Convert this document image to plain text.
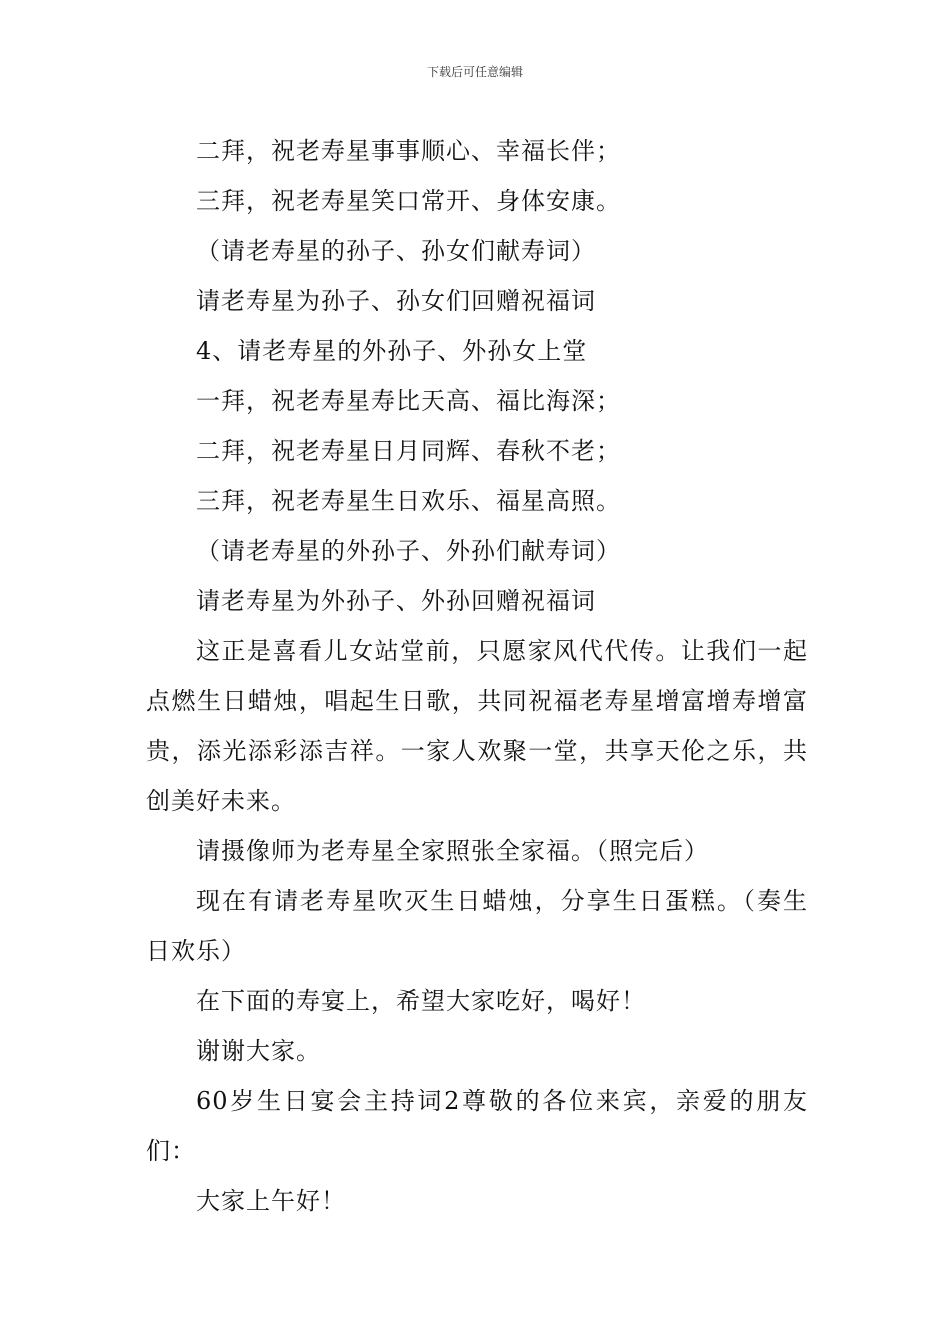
下载后可任意编辑

二拜，祝老寿星事事顺心、幸福长伴；

三拜，祝老寿星笑口常开、身体安康。

（请老寿星的孙子、孙女们献寿词）

请老寿星为孙子、孙女们回赠祝福词

4、请老寿星的外孙子、外孙女上堂

一拜，祝老寿星寿比天高、福比海深；

二拜，祝老寿星日月同辉、春秋不老；

三拜，祝老寿星生日欢乐、福星高照。

（请老寿星的外孙子、外孙们献寿词）

请老寿星为外孙子、外孙回赠祝福词

这正是喜看儿女站堂前，只愿家风代代传。让我们一起点燃生日蜡烛，唱起生日歌，共同祝福老寿星增富增寿增富贵，添光添彩添吉祥。一家人欢聚一堂，共享天伦之乐，共创美好未来。

请摄像师为老寿星全家照张全家福。（照完后）

现在有请老寿星吹灭生日蜡烛，分享生日蛋糕。（奏生日欢乐）

在下面的寿宴上，希望大家吃好，喝好！

谢谢大家。

60岁生日宴会主持词2尊敬的各位来宾，亲爱的朋友们：

大家上午好！
